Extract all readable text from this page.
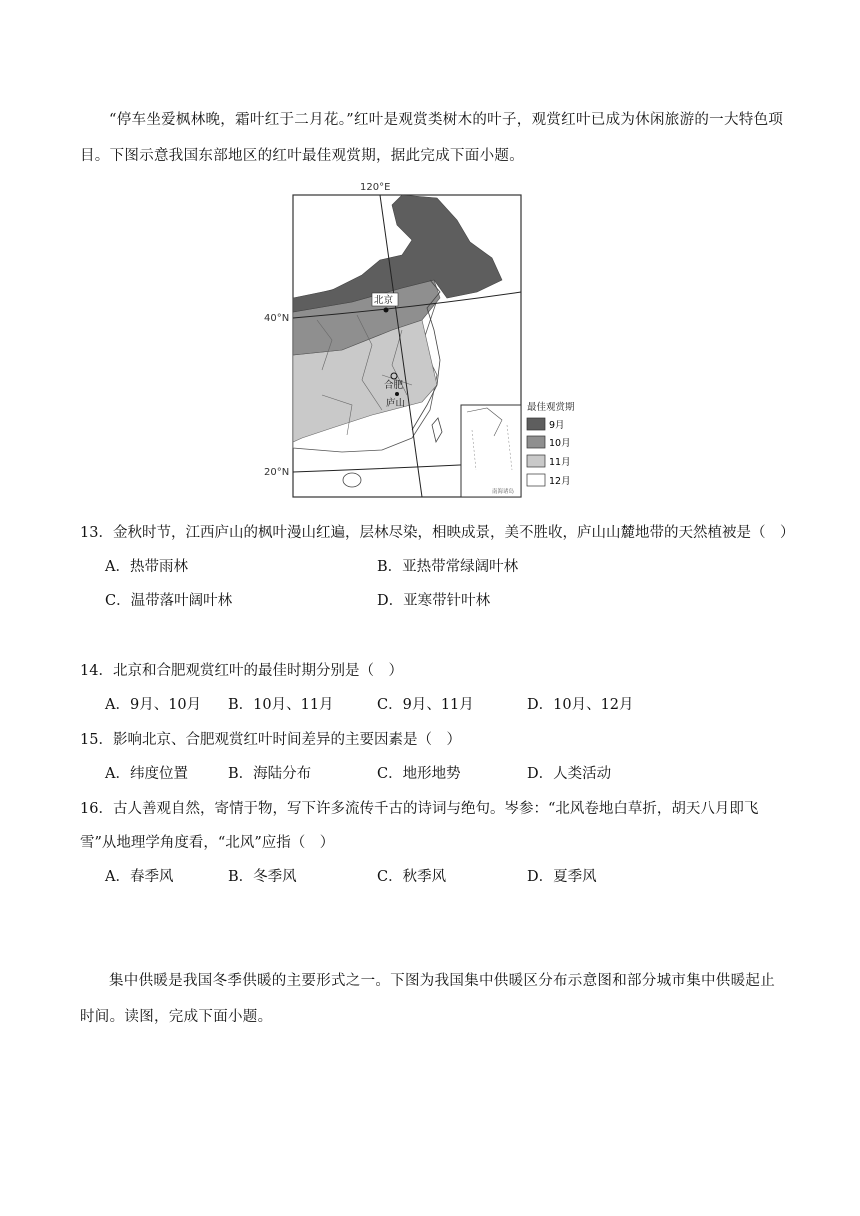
“停车坐爱枫林晚，霜叶红于二月花。”红叶是观赏类树木的叶子，观赏红叶已成为休闲旅游的一大特色项目。下图示意我国东部地区的红叶最佳观赏期，据此完成下面小题。

120°E
40°N
20°N
北京
合肥
庐山
南海诸岛
最佳观赏期
9月
10月
11月
12月

13．金秋时节，江西庐山的枫叶漫山红遍，层林尽染，相映成景，美不胜收，庐山山麓地带的天然植被是（　）

A．热带雨林	B．亚热带常绿阔叶林
C．温带落叶阔叶林	D．亚寒带针叶林

14．北京和合肥观赏红叶的最佳时期分别是（　）

A．9月、10月 B．10月、11月	C．9月、11月	D．10月、12月

15．影响北京、合肥观赏红叶时间差异的主要因素是（　）

A．纬度位置	B．海陆分布	C．地形地势	D．人类活动

16．古人善观自然，寄情于物，写下许多流传千古的诗词与绝句。岑参：“北风卷地白草折，胡天八月即飞雪”从地理学角度看，“北风”应指（　）

A．春季风	B．冬季风	C．秋季风	D．夏季风

集中供暖是我国冬季供暖的主要形式之一。下图为我国集中供暖区分布示意图和部分城市集中供暖起止时间。读图，完成下面小题。
